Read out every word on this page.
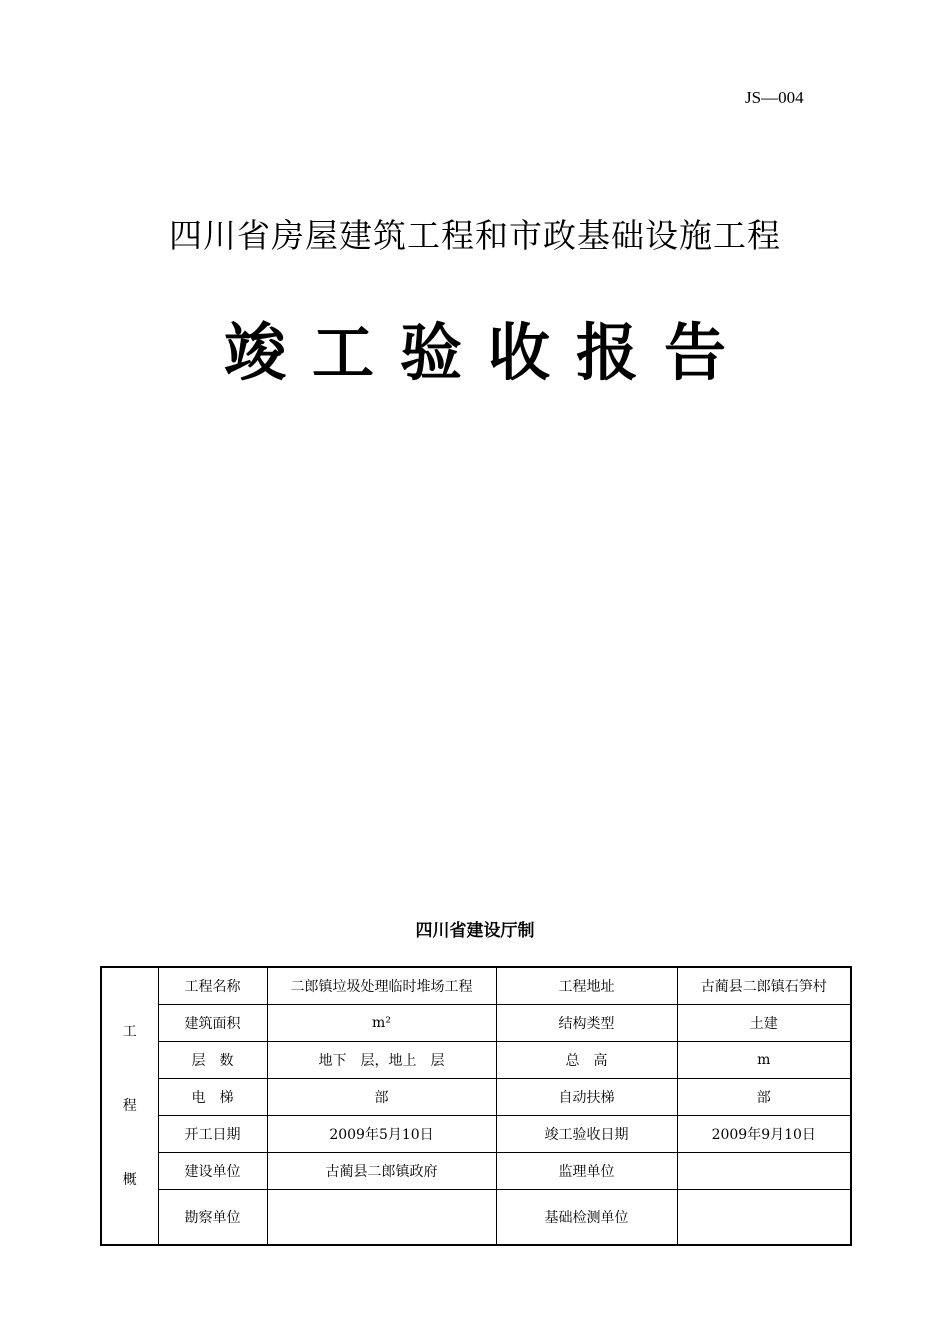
JS—004
四川省房屋建筑工程和市政基础设施工程
竣工验收报告
四川省建设厅制
工
程
概	工程名称	二郎镇垃圾处理临时堆场工程	工程地址	古蔺县二郎镇石笋村
	建筑面积	m²	结构类型	土建
	层　数	地下　层，地上　层	总　高	m
	电　梯	部	自动扶梯	部
	开工日期	2009年5月10日	竣工验收日期	2009年9月10日
	建设单位	古蔺县二郎镇政府	监理单位	
	勘察单位		基础检测单位	
